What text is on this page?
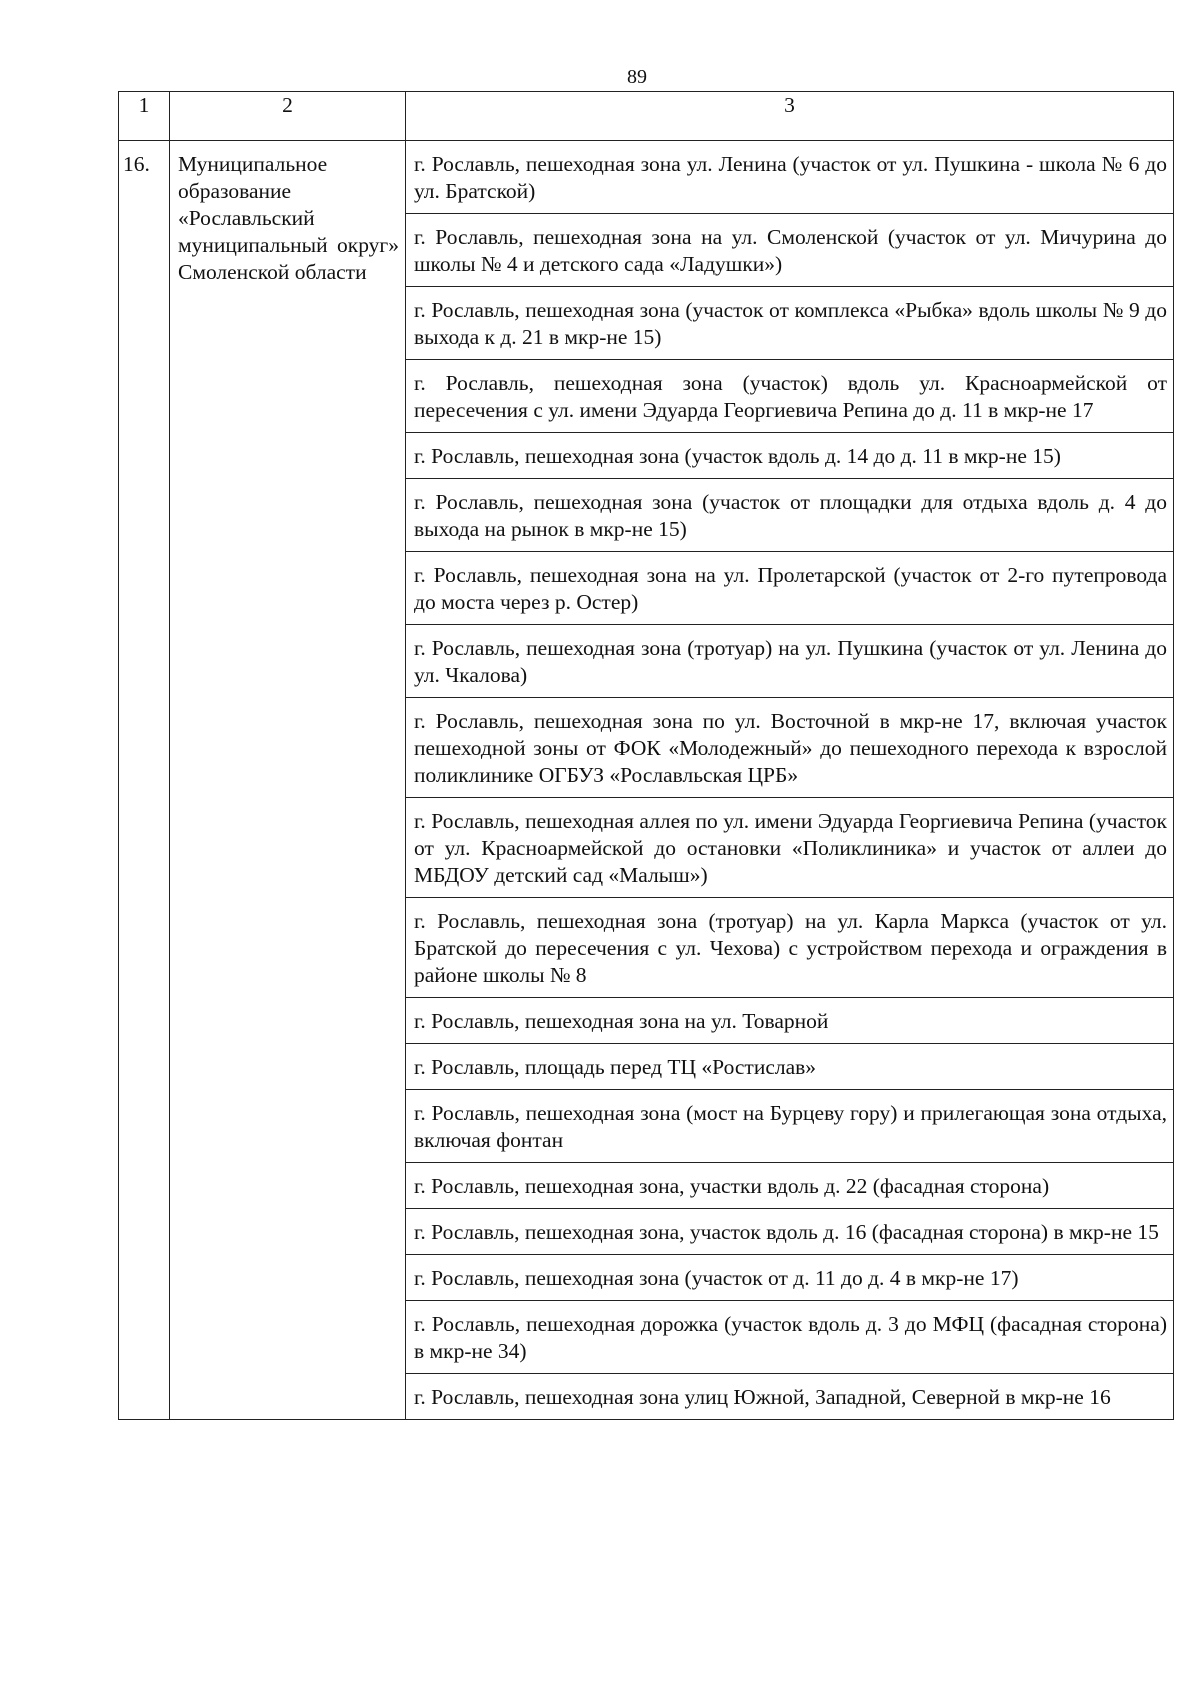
89
1	2	3
16.	Муниципальное образование «Рославльский муниципальный округ» Смоленской области	г. Рославль, пешеходная зона ул. Ленина (участок от ул. Пушкина - школа № 6 до ул. Братской)
		г. Рославль, пешеходная зона на ул. Смоленской (участок от ул. Мичурина до школы № 4 и детского сада «Ладушки»)
		г. Рославль, пешеходная зона (участок от комплекса «Рыбка» вдоль школы № 9 до выхода к д. 21 в мкр-не 15)
		г. Рославль, пешеходная зона (участок) вдоль ул. Красноармейской от пересечения с ул. имени Эдуарда Георгиевича Репина до д. 11 в мкр-не 17
		г. Рославль, пешеходная зона (участок вдоль д. 14 до д. 11 в мкр-не 15)
		г. Рославль, пешеходная зона (участок от площадки для отдыха вдоль д. 4 до выхода на рынок в мкр-не 15)
		г. Рославль, пешеходная зона на ул. Пролетарской (участок от 2-го путепровода до моста через р. Остер)
		г. Рославль, пешеходная зона (тротуар) на ул. Пушкина (участок от ул. Ленина до ул. Чкалова)
		г. Рославль, пешеходная зона по ул. Восточной в мкр-не 17, включая участок пешеходной зоны от ФОК «Молодежный» до пешеходного перехода к взрослой поликлинике ОГБУЗ «Рославльская ЦРБ»
		г. Рославль, пешеходная аллея по ул. имени Эдуарда Георгиевича Репина (участок от ул. Красноармейской до остановки «Поликлиника» и участок от аллеи до МБДОУ детский сад «Малыш»)
		г. Рославль, пешеходная зона (тротуар) на ул. Карла Маркса (участок от ул. Братской до пересечения с ул. Чехова) с устройством перехода и ограждения в районе школы № 8
		г. Рославль, пешеходная зона на ул. Товарной
		г. Рославль, площадь перед ТЦ «Ростислав»
		г. Рославль, пешеходная зона (мост на Бурцеву гору) и прилегающая зона отдыха, включая фонтан
		г. Рославль, пешеходная зона, участки вдоль д. 22 (фасадная сторона)
		г. Рославль, пешеходная зона, участок вдоль д. 16 (фасадная сторона) в мкр-не 15
		г. Рославль, пешеходная зона (участок от д. 11 до д. 4 в мкр-не 17)
		г. Рославль, пешеходная дорожка (участок вдоль д. 3 до МФЦ (фасадная сторона) в мкр-не 34)
		г. Рославль, пешеходная зона улиц Южной, Западной, Северной в мкр-не 16
